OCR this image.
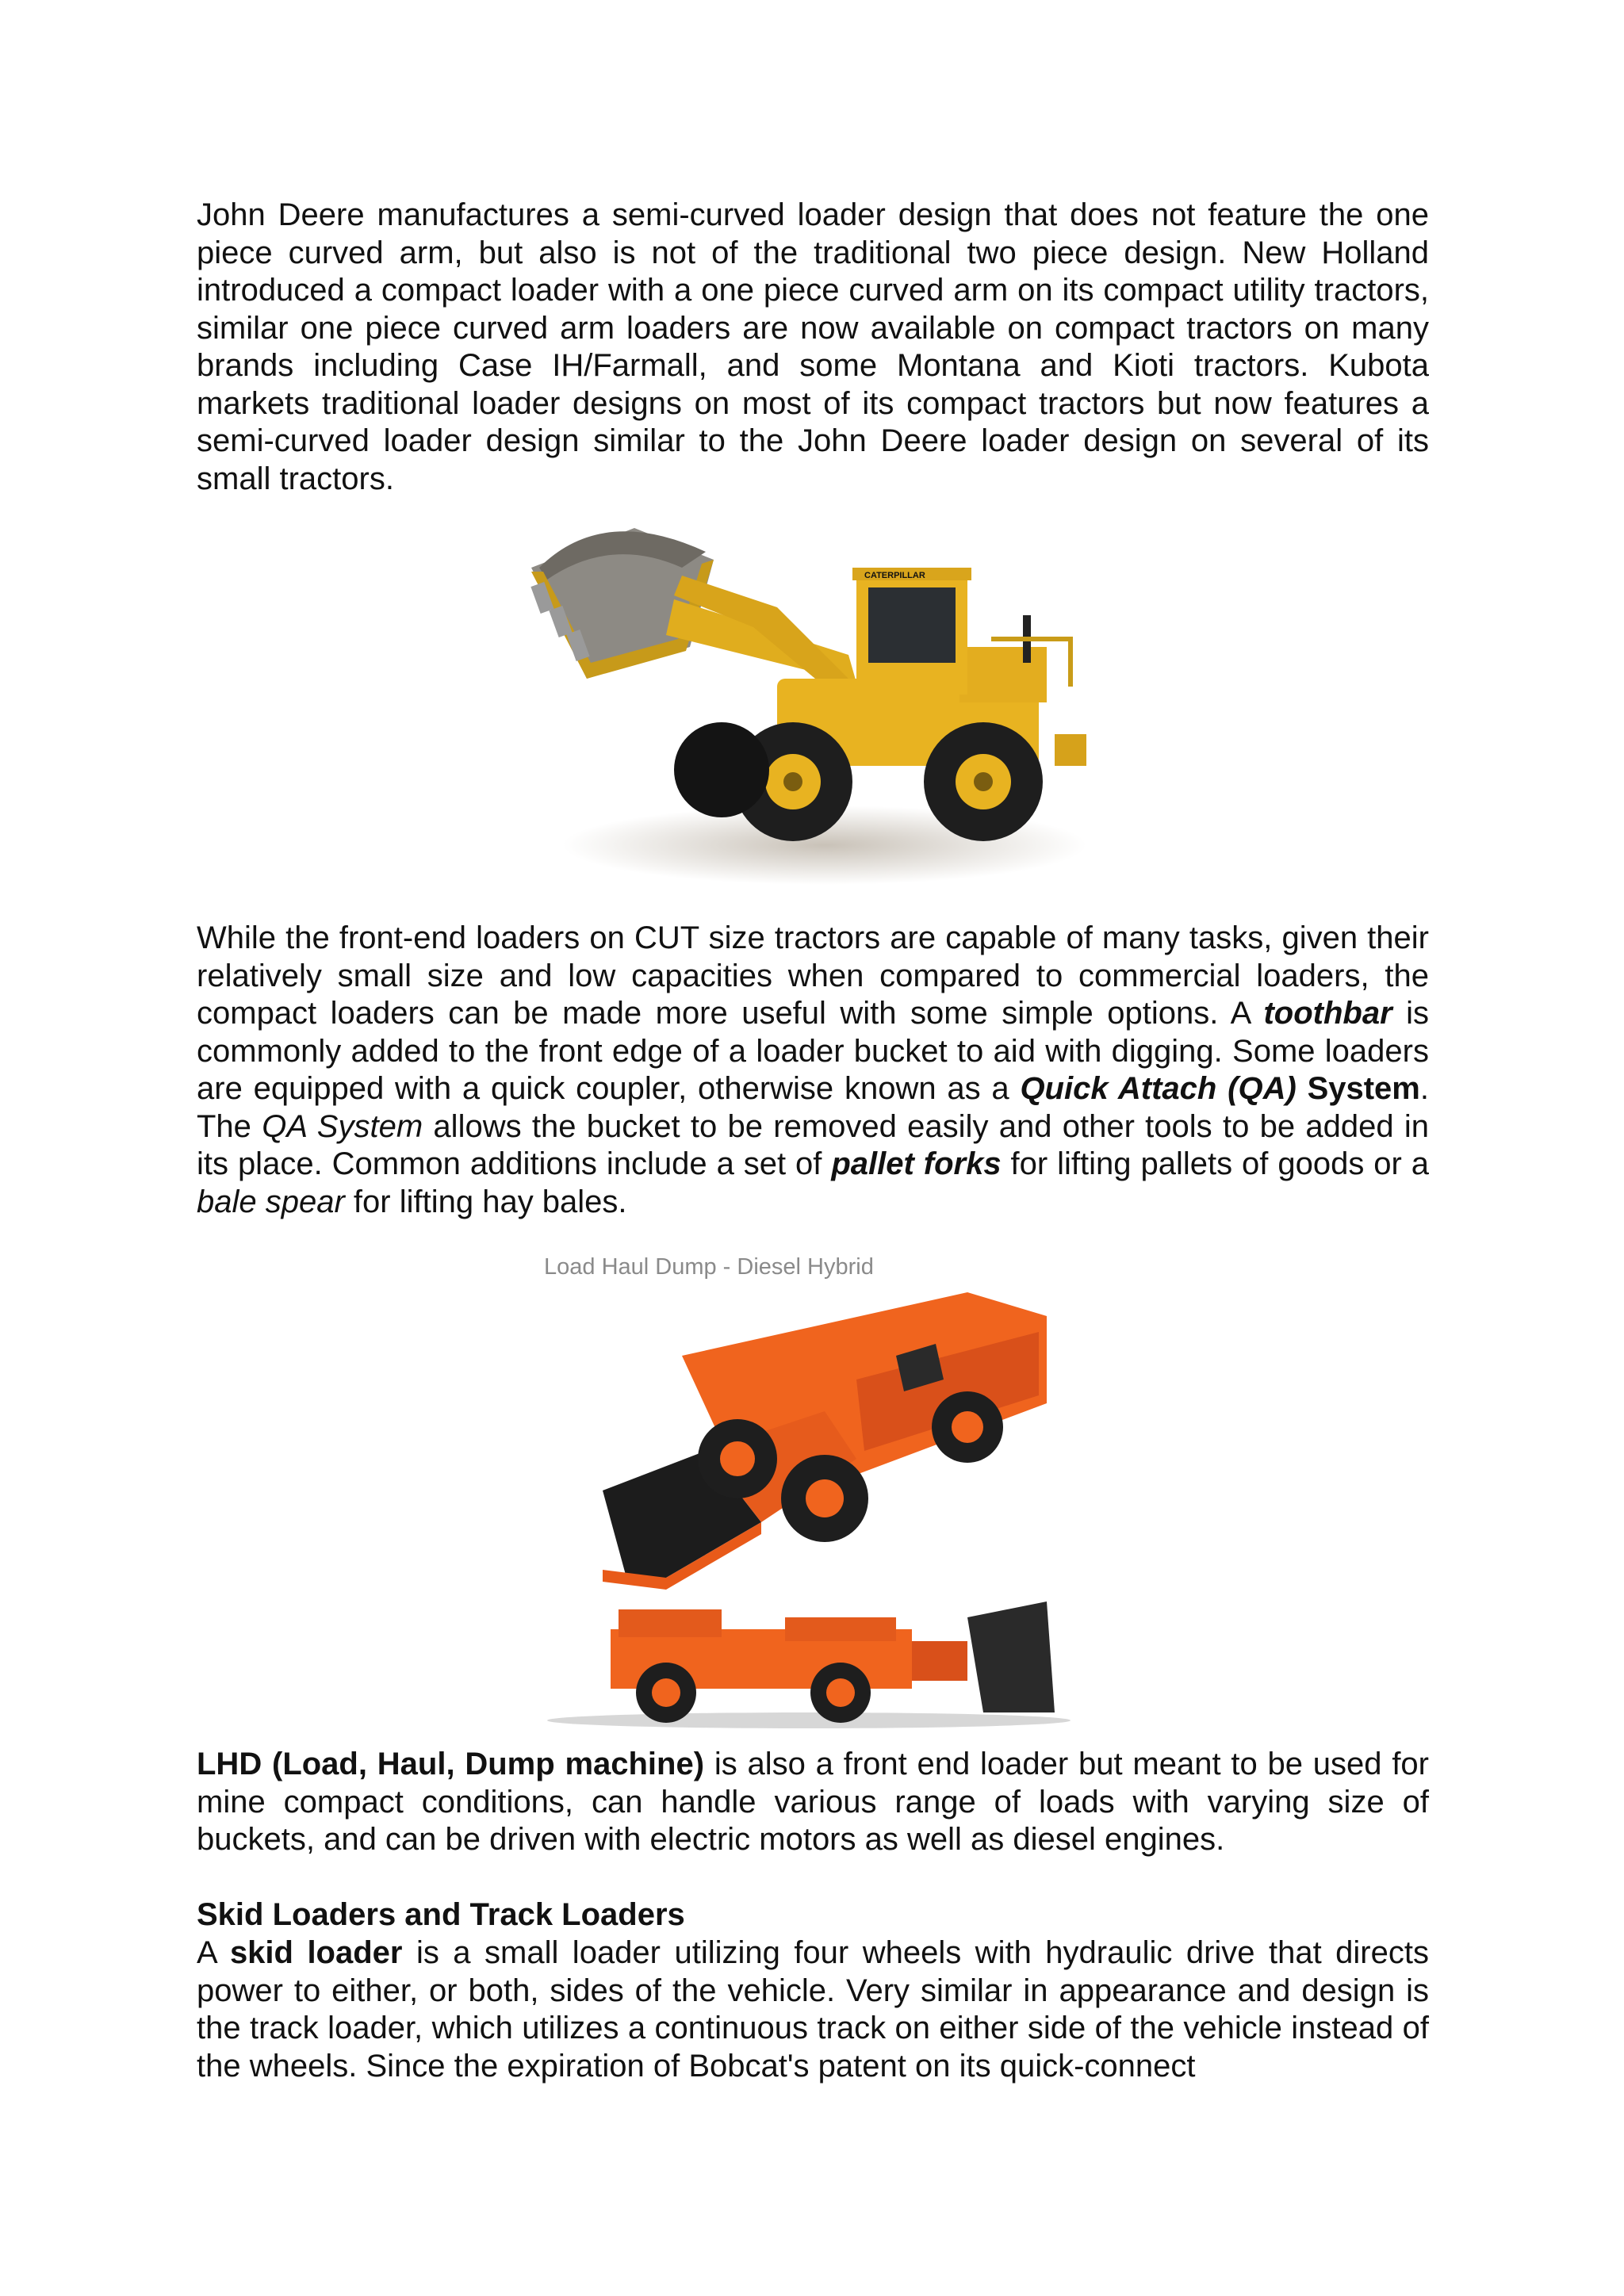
John Deere manufactures a semi-curved loader design that does not feature the one piece curved arm, but also is not of the traditional two piece design. New Holland introduced a compact loader with a one piece curved arm on its compact utility tractors, similar one piece curved arm loaders are now available on compact tractors on many brands including Case IH/Farmall, and some Montana and Kioti tractors. Kubota markets traditional loader designs on most of its compact tractors but now features a semi-curved loader design similar to the John Deere loader design on several of its small tractors.

CATERPILLAR

While the front-end loaders on CUT size tractors are capable of many tasks, given their relatively small size and low capacities when compared to commercial loaders, the compact loaders can be made more useful with some simple options. A toothbar is commonly added to the front edge of a loader bucket to aid with digging. Some loaders are equipped with a quick coupler, otherwise known as a Quick Attach (QA) System. The QA System allows the bucket to be removed easily and other tools to be added in its place. Common additions include a set of pallet forks for lifting pallets of goods or a bale spear for lifting hay bales.

Load Haul Dump - Diesel Hybrid

LHD (Load, Haul, Dump machine) is also a front end loader but meant to be used for mine compact conditions, can handle various range of loads with varying size of buckets, and can be driven with electric motors as well as diesel engines.

Skid Loaders and Track Loaders

A skid loader is a small loader utilizing four wheels with hydraulic drive that directs power to either, or both, sides of the vehicle. Very similar in appearance and design is the track loader, which utilizes a continuous track on either side of the vehicle instead of the wheels. Since the expiration of Bobcat's patent on its quick-connect
